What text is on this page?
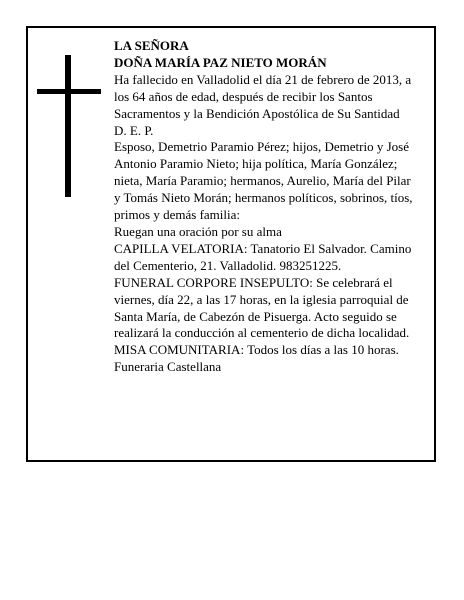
LA SEÑORA

DOÑA MARÍA PAZ NIETO MORÁN

Ha fallecido en Valladolid el día 21 de febrero de 2013, a los 64 años de edad, después de recibir los Santos Sacramentos y la Bendición Apostólica de Su Santidad

D. E. P.

Esposo, Demetrio Paramio Pérez; hijos, Demetrio y José Antonio Paramio Nieto; hija política, María González; nieta, María Paramio; hermanos, Aurelio, María del Pilar y Tomás Nieto Morán; hermanos políticos, sobrinos, tíos, primos y demás familia:

Ruegan una oración por su alma

CAPILLA VELATORIA: Tanatorio El Salvador. Camino del Cementerio, 21. Valladolid. 983251225.

FUNERAL CORPORE INSEPULTO: Se celebrará el viernes, día 22, a las 17 horas, en la iglesia parroquial de Santa María, de Cabezón de Pisuerga. Acto seguido se realizará la conducción al cementerio de dicha localidad.

MISA COMUNITARIA: Todos los días a las 10 horas.

Funeraria Castellana
